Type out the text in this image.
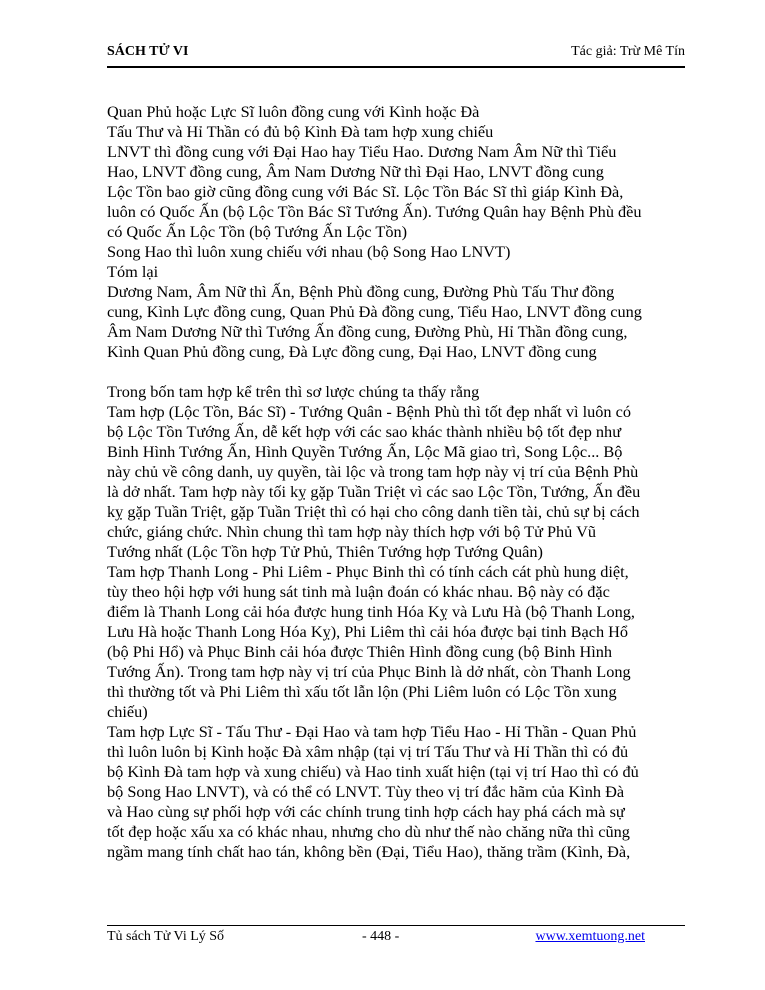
SÁCH TỬ VI	Tác giả: Trừ Mê Tín
Quan Phủ hoặc Lực Sĩ luôn đồng cung với Kình hoặc Đà
Tấu Thư và Hỉ Thần có đủ bộ Kình Đà tam hợp xung chiếu
LNVT thì đồng cung với Đại Hao hay Tiểu Hao. Dương Nam Âm Nữ thì Tiểu
Hao, LNVT đồng cung, Âm Nam Dương Nữ thì Đại Hao, LNVT đồng cung
Lộc Tồn bao giờ cũng đồng cung với Bác Sĩ. Lộc Tồn Bác Sĩ thì giáp Kình Đà,
luôn có Quốc Ấn (bộ Lộc Tồn Bác Sĩ Tướng Ấn). Tướng Quân hay Bệnh Phù đều
có Quốc Ấn Lộc Tồn (bộ Tướng Ấn Lộc Tồn)
Song Hao thì luôn xung chiếu với nhau (bộ Song Hao LNVT)
Tóm lại
Dương Nam, Âm Nữ thì Ấn, Bệnh Phù đồng cung, Đường Phù Tấu Thư đồng
cung, Kình Lực đồng cung, Quan Phủ Đà đồng cung, Tiểu Hao, LNVT đồng cung
Âm Nam Dương Nữ thì Tướng Ấn đồng cung, Đường Phù, Hỉ Thần đồng cung,
Kình Quan Phủ đồng cung, Đà Lực đồng cung, Đại Hao, LNVT đồng cung
Trong bốn tam hợp kể trên thì sơ lược chúng ta thấy rằng
Tam hợp (Lộc Tồn, Bác Sĩ) - Tướng Quân - Bệnh Phù thì tốt đẹp nhất vì luôn có
bộ Lộc Tồn Tướng Ấn, dễ kết hợp với các sao khác thành nhiều bộ tốt đẹp như
Binh Hình Tướng Ấn, Hình Quyền Tướng Ấn, Lộc Mã giao trì, Song Lộc... Bộ
này chủ về công danh, uy quyền, tài lộc và trong tam hợp này vị trí của Bệnh Phù
là dở nhất. Tam hợp này tối kỵ gặp Tuần Triệt vì các sao Lộc Tồn, Tướng, Ấn đều
kỵ gặp Tuần Triệt, gặp Tuần Triệt thì có hại cho công danh tiền tài, chủ sự bị cách
chức, giáng chức. Nhìn chung thì tam hợp này thích hợp với bộ Tử Phủ Vũ
Tướng nhất (Lộc Tồn hợp Tử Phủ, Thiên Tướng hợp Tướng Quân)
Tam hợp Thanh Long - Phi Liêm - Phục Binh thì có tính cách cát phù hung diệt,
tùy theo hội hợp với hung sát tinh mà luận đoán có khác nhau. Bộ này có đặc
điểm là Thanh Long cải hóa được hung tinh Hóa Kỵ và Lưu Hà (bộ Thanh Long,
Lưu Hà hoặc Thanh Long Hóa Kỵ), Phi Liêm thì cải hóa được bại tinh Bạch Hổ
(bộ Phi Hổ) và Phục Binh cải hóa được Thiên Hình đồng cung (bộ Binh Hình
Tướng Ấn). Trong tam hợp này vị trí của Phục Binh là dở nhất, còn Thanh Long
thì thường tốt và Phi Liêm thì xấu tốt lẫn lộn (Phi Liêm luôn có Lộc Tồn xung
chiếu)
Tam hợp Lực Sĩ - Tấu Thư - Đại Hao và tam hợp Tiểu Hao - Hỉ Thần - Quan Phủ
thì luôn luôn bị Kình hoặc Đà xâm nhập (tại vị trí Tấu Thư và Hỉ Thần thì có đủ
bộ Kình Đà tam hợp và xung chiếu) và Hao tinh xuất hiện (tại vị trí Hao thì có đủ
bộ Song Hao LNVT), và có thể có LNVT. Tùy theo vị trí đắc hãm của Kình Đà
và Hao cùng sự phối hợp với các chính trung tinh hợp cách hay phá cách mà sự
tốt đẹp hoặc xấu xa có khác nhau, nhưng cho dù như thế nào chăng nữa thì cũng
ngầm mang tính chất hao tán, không bền (Đại, Tiểu Hao), thăng trầm (Kình, Đà,
Tủ sách Tử Vi Lý Số	- 448 -	www.xemtuong.net
